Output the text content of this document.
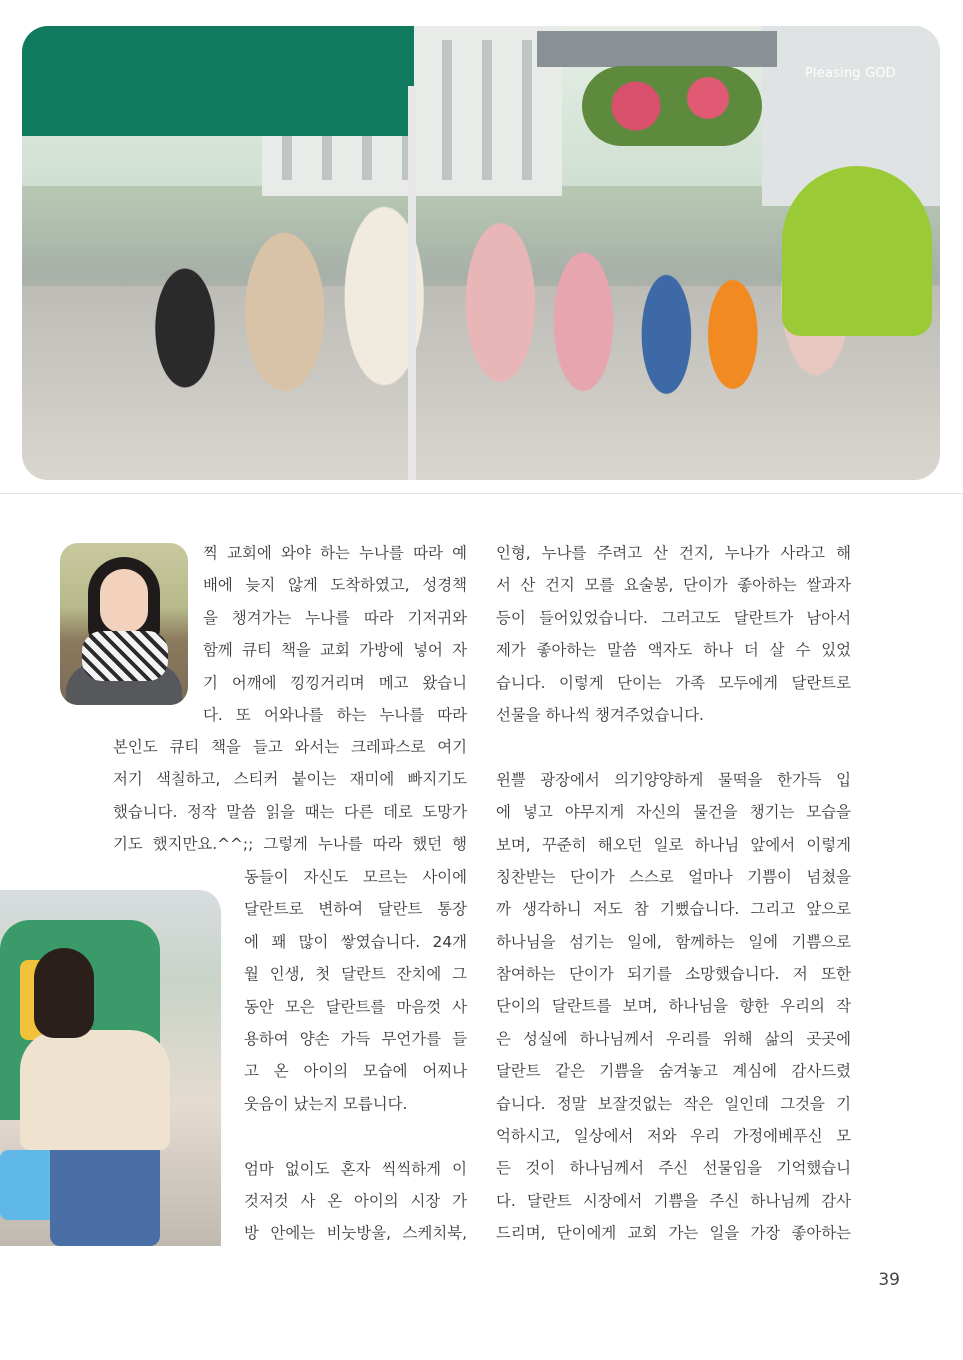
Pleasing GOD
찍 교회에 와야 하는 누나를 따라 예
배에 늦지 않게 도착하였고, 성경책
을 챙겨가는 누나를 따라 기저귀와
함께 큐티 책을 교회 가방에 넣어 자
기 어깨에 낑낑거리며 메고 왔습니
다. 또 어와나를 하는 누나를 따라
본인도 큐티 책을 들고 와서는 크레파스로 여기
저기 색칠하고, 스티커 붙이는 재미에 빠지기도
했습니다. 정작 말씀 읽을 때는 다른 데로 도망가
기도 했지만요.^^;; 그렇게 누나를 따라 했던 행
동들이 자신도 모르는 사이에
달란트로 변하여 달란트 통장
에 꽤 많이 쌓였습니다. 24개
월 인생, 첫 달란트 잔치에 그
동안 모은 달란트를 마음껏 사
용하여 양손 가득 무언가를 들
고 온 아이의 모습에 어찌나
웃음이 났는지 모릅니다.
엄마 없이도 혼자 씩씩하게 이
것저것 사 온 아이의 시장 가
방 안에는 비눗방울, 스케치북,
인형, 누나를 주려고 산 건지, 누나가 사라고 해
서 산 건지 모를 요술봉, 단이가 좋아하는 쌀과자
등이 들어있었습니다. 그러고도 달란트가 남아서
제가 좋아하는 말씀 액자도 하나 더 살 수 있었
습니다. 이렇게 단이는 가족 모두에게 달란트로
선물을 하나씩 챙겨주었습니다.
윈쁠 광장에서 의기양양하게 물떡을 한가득 입
에 넣고 야무지게 자신의 물건을 챙기는 모습을
보며, 꾸준히 해오던 일로 하나님 앞에서 이렇게
칭찬받는 단이가 스스로 얼마나 기쁨이 넘쳤을
까 생각하니 저도 참 기뻤습니다. 그리고 앞으로
하나님을 섬기는 일에, 함께하는 일에 기쁨으로
참여하는 단이가 되기를 소망했습니다. 저 또한
단이의 달란트를 보며, 하나님을 향한 우리의 작
은 성실에 하나님께서 우리를 위해 삶의 곳곳에
달란트 같은 기쁨을 숨겨놓고 계심에 감사드렸
습니다. 정말 보잘것없는 작은 일인데 그것을 기
억하시고, 일상에서 저와 우리 가정에베푸신 모
든 것이 하나님께서 주신 선물임을 기억했습니
다. 달란트 시장에서 기쁨을 주신 하나님께 감사
드리며, 단이에게 교회 가는 일을 가장 좋아하는
39
